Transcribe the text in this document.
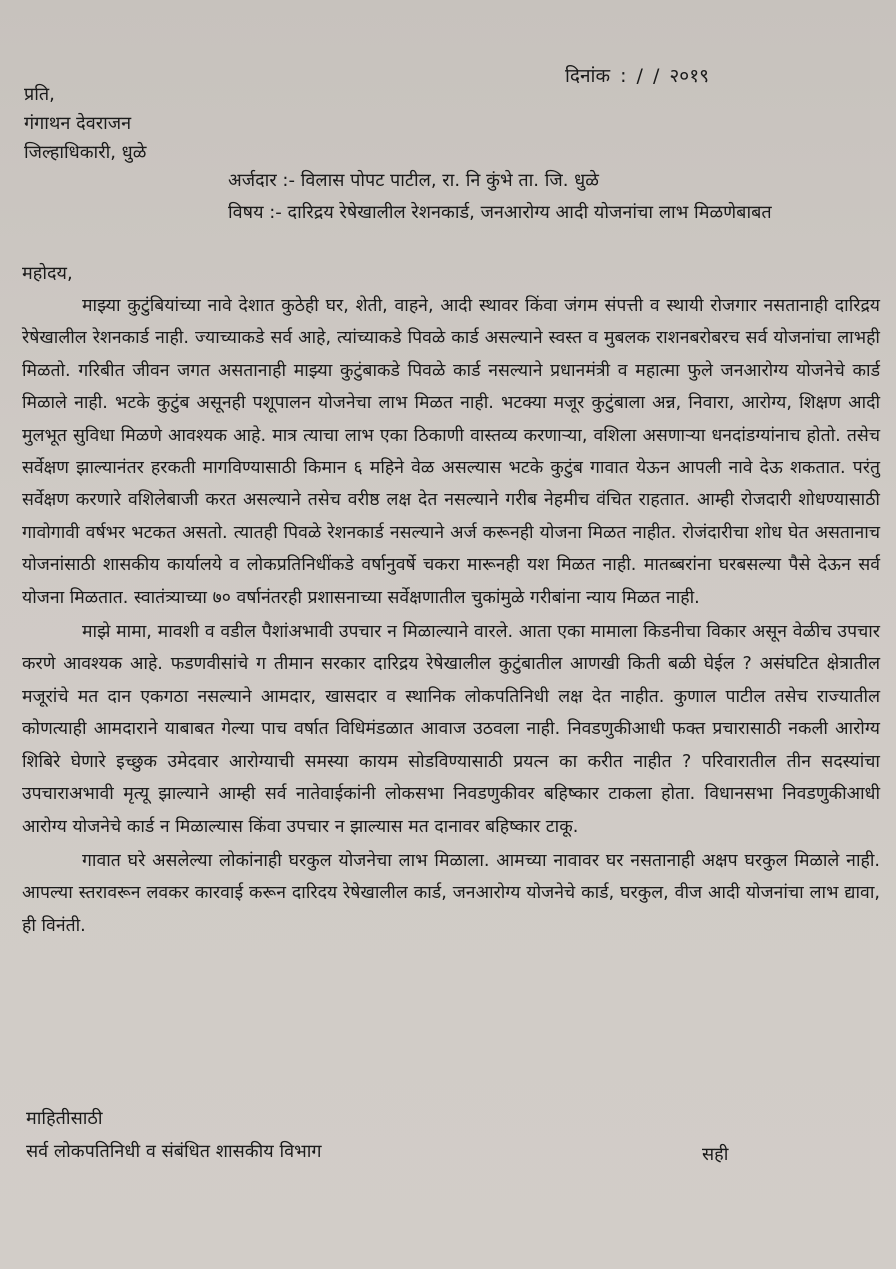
दिनांक : / / २०१९
प्रति,
गंगाथन देवराजन
जिल्हाधिकारी, धुळे
अर्जदार :- विलास पोपट पाटील, रा. नि कुंभे ता. जि. धुळे
विषय :- दारिद्रय रेषेखालील रेशनकार्ड, जनआरोग्य आदी योजनांचा लाभ मिळणेबाबत
महोदय,

माझ्या कुटुंबियांच्या नावे देशात कुठेही घर, शेती, वाहने, आदी स्थावर किंवा जंगम संपत्ती व स्थायी रोजगार नसतानाही दारिद्रय रेषेखालील रेशनकार्ड नाही. ज्याच्याकडे सर्व आहे, त्यांच्याकडे पिवळे कार्ड असल्याने स्वस्त व मुबलक राशनबरोबरच सर्व योजनांचा लाभही मिळतो. गरिबीत जीवन जगत असतानाही माझ्या कुटुंबाकडे पिवळे कार्ड नसल्याने प्रधानमंत्री व महात्मा फुले जनआरोग्य योजनेचे कार्ड मिळाले नाही. भटके कुटुंब असूनही पशूपालन योजनेचा लाभ मिळत नाही. भटक्या मजूर कुटुंबाला अन्न, निवारा, आरोग्य, शिक्षण आदी मुलभूत सुविधा मिळणे आवश्यक आहे. मात्र त्याचा लाभ एका ठिकाणी वास्तव्य करणाऱ्या, वशिला असणाऱ्या धनदांडग्यांनाच होतो. तसेच सर्वेक्षण झाल्यानंतर हरकती मागविण्यासाठी किमान ६ महिने वेळ असल्यास भटके कुटुंब गावात येऊन आपली नावे देऊ शकतात. परंतु सर्वेक्षण करणारे वशिलेबाजी करत असल्याने तसेच वरीष्ठ लक्ष देत नसल्याने गरीब नेहमीच वंचित राहतात. आम्ही रोजदारी शोधण्यासाठी गावोगावी वर्षभर भटकत असतो. त्यातही पिवळे रेशनकार्ड नसल्याने अर्ज करूनही योजना मिळत नाहीत. रोजंदारीचा शोध घेत असतानाच योजनांसाठी शासकीय कार्यालये व लोकप्रतिनिधींकडे वर्षानुवर्षे चकरा मारूनही यश मिळत नाही. मातब्बरांना घरबसल्या पैसे देऊन सर्व योजना मिळतात. स्वातंत्र्याच्या ७० वर्षानंतरही प्रशासनाच्या सर्वेक्षणातील चुकांमुळे गरीबांना न्याय मिळत नाही.

माझे मामा, मावशी व वडील पैशांअभावी उपचार न मिळाल्याने वारले. आता एका मामाला किडनीचा विकार असून वेळीच उपचार करणे आवश्यक आहे. फडणवीसांचे ग तीमान सरकार दारिद्रय रेषेखालील कुटुंबातील आणखी किती बळी घेईल ? असंघटित क्षेत्रातील मजूरांचे मत दान एकगठा नसल्याने आमदार, खासदार व स्थानिक लोकपतिनिधी लक्ष देत नाहीत. कुणाल पाटील तसेच राज्यातील कोणत्याही आमदाराने याबाबत गेल्या पाच वर्षात विधिमंडळात आवाज उठवला नाही. निवडणुकीआधी फक्त प्रचारासाठी नकली आरोग्य शिबिरे घेणारे इच्छुक उमेदवार आरोग्याची समस्या कायम सोडविण्यासाठी प्रयत्न का करीत नाहीत ? परिवारातील तीन सदस्यांचा उपचाराअभावी मृत्यू झाल्याने आम्ही सर्व नातेवाईकांनी लोकसभा निवडणुकीवर बहिष्कार टाकला होता. विधानसभा निवडणुकीआधी आरोग्य योजनेचे कार्ड न मिळाल्यास किंवा उपचार न झाल्यास मत दानावर बहिष्कार टाकू.

गावात घरे असलेल्या लोकांनाही घरकुल योजनेचा लाभ मिळाला. आमच्या नावावर घर नसतानाही अक्षप घरकुल मिळाले नाही. आपल्या स्तरावरून लवकर कारवाई करून दारिदय रेषेखालील कार्ड, जनआरोग्य योजनेचे कार्ड, घरकुल, वीज आदी योजनांचा लाभ द्यावा, ही विनंती.

माहितीसाठी
सर्व लोकपतिनिधी व संबंधित शासकीय विभाग	सही
